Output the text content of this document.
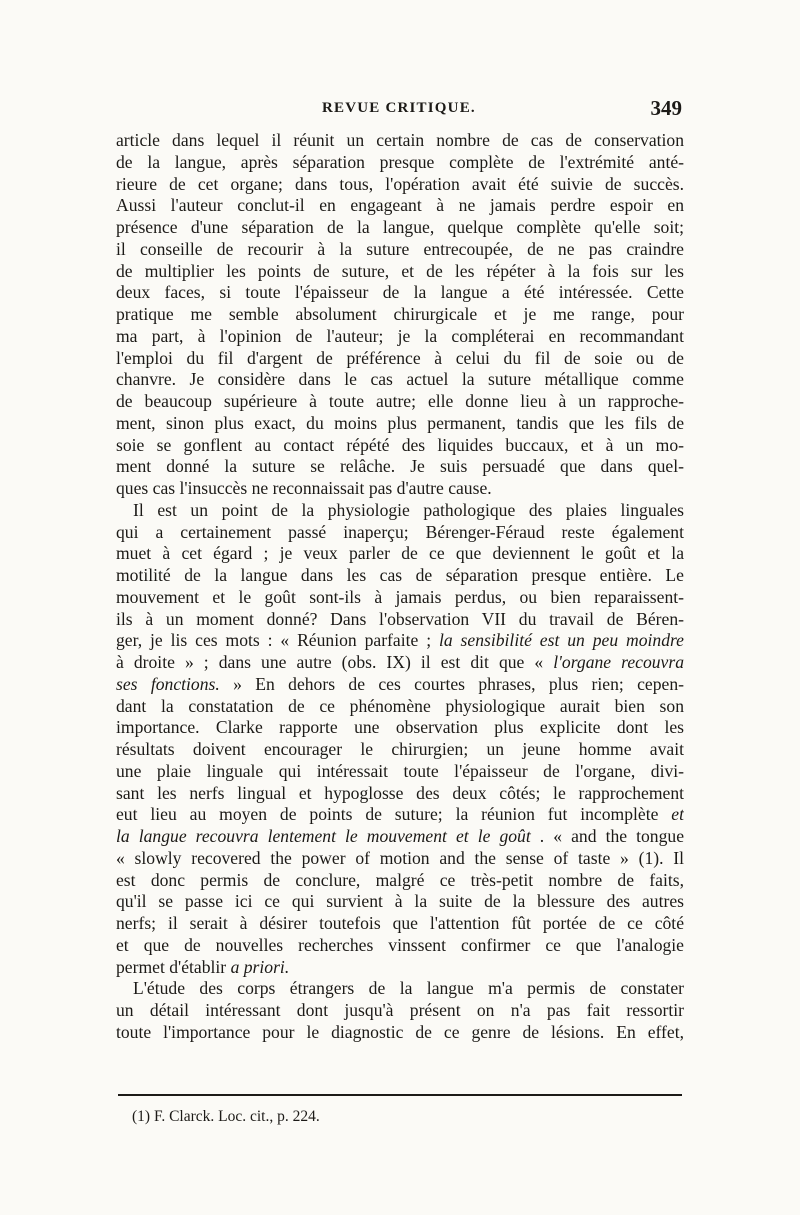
REVUE CRITIQUE.	349
article dans lequel il réunit un certain nombre de cas de conservation
de la langue, après séparation presque complète de l'extrémité anté-
rieure de cet organe; dans tous, l'opération avait été suivie de succès.
Aussi l'auteur conclut-il en engageant à ne jamais perdre espoir en
présence d'une séparation de la langue, quelque complète qu'elle soit;
il conseille de recourir à la suture entrecoupée, de ne pas craindre
de multiplier les points de suture, et de les répéter à la fois sur les
deux faces, si toute l'épaisseur de la langue a été intéressée. Cette
pratique me semble absolument chirurgicale et je me range, pour
ma part, à l'opinion de l'auteur; je la compléterai en recommandant
l'emploi du fil d'argent de préférence à celui du fil de soie ou de
chanvre. Je considère dans le cas actuel la suture métallique comme
de beaucoup supérieure à toute autre; elle donne lieu à un rapproche-
ment, sinon plus exact, du moins plus permanent, tandis que les fils de
soie se gonflent au contact répété des liquides buccaux, et à un mo-
ment donné la suture se relâche. Je suis persuadé que dans quel-
ques cas l'insuccès ne reconnaissait pas d'autre cause.
Il est un point de la physiologie pathologique des plaies linguales
qui a certainement passé inaperçu; Bérenger-Féraud reste également
muet à cet égard ; je veux parler de ce que deviennent le goût et la
motilité de la langue dans les cas de séparation presque entière. Le
mouvement et le goût sont-ils à jamais perdus, ou bien reparaissent-
ils à un moment donné? Dans l'observation VII du travail de Béren-
ger, je lis ces mots : « Réunion parfaite ; la sensibilité est un peu moindre
à droite » ; dans une autre (obs. IX) il est dit que « l'organe recouvra
ses fonctions. » En dehors de ces courtes phrases, plus rien; cepen-
dant la constatation de ce phénomène physiologique aurait bien son
importance. Clarke rapporte une observation plus explicite dont les
résultats doivent encourager le chirurgien; un jeune homme avait
une plaie linguale qui intéressait toute l'épaisseur de l'organe, divi-
sant les nerfs lingual et hypoglosse des deux côtés; le rapprochement
eut lieu au moyen de points de suture; la réunion fut incomplète et
la langue recouvra lentement le mouvement et le goût . « and the tongue
« slowly recovered the power of motion and the sense of taste » (1). Il
est donc permis de conclure, malgré ce très-petit nombre de faits,
qu'il se passe ici ce qui survient à la suite de la blessure des autres
nerfs; il serait à désirer toutefois que l'attention fût portée de ce côté
et que de nouvelles recherches vinssent confirmer ce que l'analogie
permet d'établir a priori.
L'étude des corps étrangers de la langue m'a permis de constater
un détail intéressant dont jusqu'à présent on n'a pas fait ressortir
toute l'importance pour le diagnostic de ce genre de lésions. En effet,
(1) F. Clarck. Loc. cit., p. 224.
